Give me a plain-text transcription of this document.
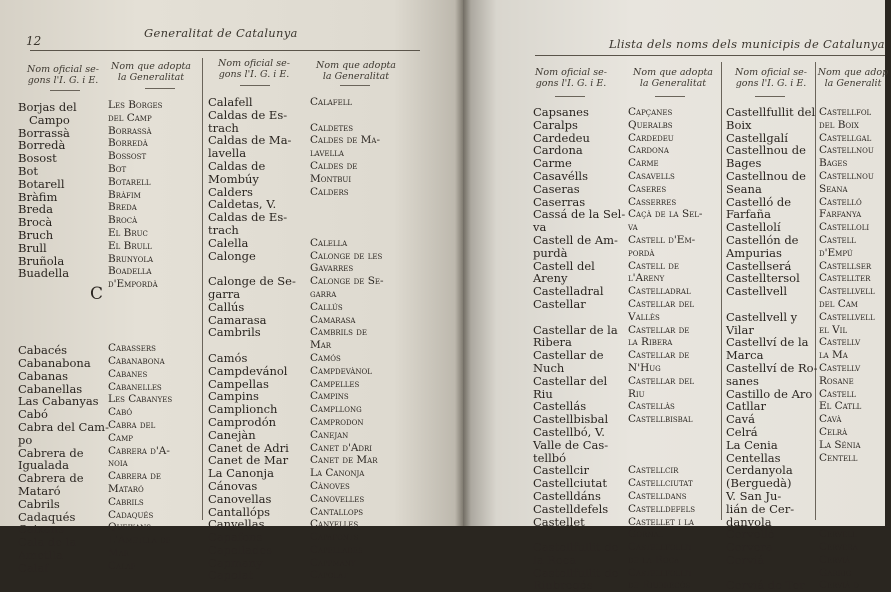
12
Generalitat de Catalunya
Nom oficial se-
gons l'I. G. i E.
Nom que adopta
la Generalitat
Nom oficial se-
gons l'I. G. i E.
Nom que adopta
la Generalitat
Borjas del
Campo
Borrassà
Borredà
Bosost
Bot
Botarell
Bràfim
Breda
Brocà
Bruch
Brull
Bruñola
Buadella

Cabacés
Cabanabona
Cabanas
Cabanellas
Las Cabanyas
Cabó
Cabra del Cam-
po
Cabrera de
Igualada
Cabrera de
Mataró
Cabrils
Cadaqués
Caixans
Cala de la
Ametlla
Calaf
Les Borges
del Camp
Borrassà
Borredà
Bossost
Bot
Botarell
Bràfim
Breda
Brocà
El Bruc
El Brull
Brunyola
Boadella
d'Empordà

Cabassers
Cabanabona
Cabanes
Cabanelles
Les Cabanyes
Cabó
Cabra del
Camp
Cabrera d'A-
noia
Cabrera de
Mataró
Cabrils
Cadaqués
Queixans
L'Ametlla de
Mar
Calaf
Calafell
Caldas de Es-
trach
Caldas de Ma-
lavella
Caldas de
Mombúy
Calders
Caldetas, V.
Caldas de Es-
trach
Calella
Calonge

Calonge de Se-
garra
Callús
Camarasa
Cambrils

Camós
Campdevánol
Campellas
Campins
Camplionch
Camprodón
Canejàn
Canet de Adri
Canet de Mar
La Canonja
Cánovas
Canovellas
Cantallóps
Canyellas
Capafons
Capellades
Capmany
Capolat
Calafell

Caldetes
Caldes de Ma-
lavella
Caldes de
Montbui
Calders

Calella
Calonge de les
Gavarres
Calonge de Se-
garra
Callús
Camarasa
Cambrils de
Mar
Camós
Campdevànol
Campelles
Campins
Campllong
Camprodon
Canejan
Canet d'Adri
Canet de Mar
La Canonja
Cànoves
Canovelles
Cantallops
Canyelles
Capafonts
Capellades
Cappmany
Capolat
C
Llista dels noms dels municipis de Catalunya
Nom oficial se-
gons l'I. G. i E.
Nom que adopta
la Generalitat
Nom oficial se-
gons l'I. G. i E.
Nom que adop
la Generalit
Capsanes
Caralps
Cardedeu
Cardona
Carme
Casavélls
Caseras
Caserras
Cassá de la Sel-
va
Castell de Am-
purdà
Castell del
Areny
Castelladral
Castellar

Castellar de la
Ribera
Castellar de
Nuch
Castellar del
Riu
Castellás
Castellbisbal
Castellbó, V.
Valle de Cas-
tellbó
Castellcir
Castellciutat
Castelldáns
Castelldefels
Castellet

Castellfullit de
la Roca
Castellfullit de
Riubregós
Capçanes
Queralbs
Cardedeu
Cardona
Carme
Casavells
Caseres
Casserres
Caçà de la Sel-
va
Castell d'Em-
pordà
Castell de
l'Areny
Castelladral
Castellar del
Vallès
Castellar de
la Ribera
Castellar de
N'Hug
Castellar del
Riu
Castellàs
Castellbisbal

Castellcir
Castellciutat
Castelldans
Castelldefels
Castellet i la
Gornal
Castellfollit
de la Roca
Castellfollit
de Riubregós
Castellfullit del
Boix
Castellgalí
Castellnou de
Bages
Castellnou de
Seana
Castelló de
Farfaña
Castellolí
Castellón de
Ampurias
Castellserá
Castelltersol
Castellvell

Castellvell y
Vilar
Castellví de la
Marca
Castellví de Ro-
sanes
Castillo de Aro
Catllar
Cavá
Celrá
La Cenia
Centellas
Cerdanyola
(Berguedà)
V. San Ju-
lián de Cer-
danyola
Cervelló
Cervera
Cerviá

Cerviá de Ter
Castellfol
del Boix
Castellgal
Castellnou
Bages
Castellnou
Seana
Castelló
Farfanya
Castelloli
Castell
d'Empú
Castellser
Castellter
Castellvell
del Cam
Castellvell
el Vil
Castellv
la Ma
Castellv
Rosane
Castell
El Catll
Cavà
Celrà
La Sénia
Centell

Cervell
Cervera
Cervià
Garrig
Cervià d
